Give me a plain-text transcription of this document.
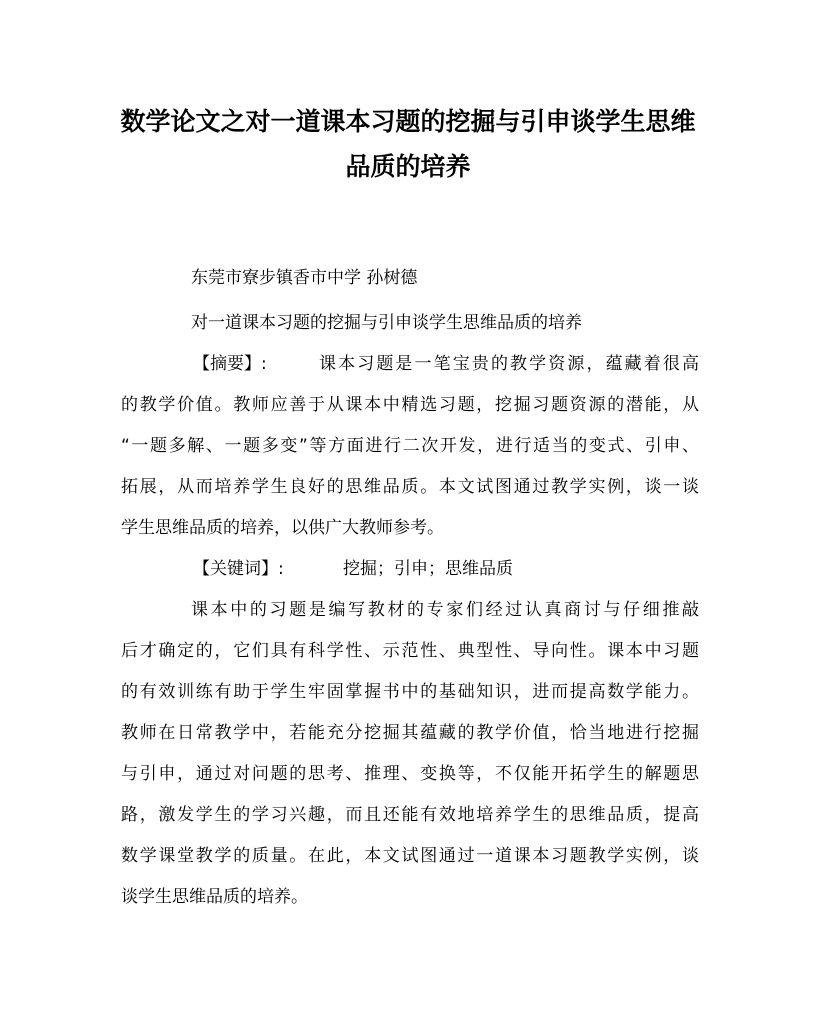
数学论文之对一道课本习题的挖掘与引申谈学生思维
品质的培养
东莞市寮步镇香市中学 孙树德
对一道课本习题的挖掘与引申谈学生思维品质的培养
【摘要】:	课本习题是一笔宝贵的教学资源，蕴藏着很高
的教学价值。教师应善于从课本中精选习题，挖掘习题资源的潜能，从
“一题多解、一题多变”等方面进行二次开发，进行适当的变式、引申、
拓展，从而培养学生良好的思维品质。本文试图通过教学实例，谈一谈
学生思维品质的培养，以供广大教师参考。
【关键词】:	挖掘；引申；思维品质
课本中的习题是编写教材的专家们经过认真商讨与仔细推敲
后才确定的，它们具有科学性、示范性、典型性、导向性。课本中习题
的有效训练有助于学生牢固掌握书中的基础知识，进而提高数学能力。
教师在日常教学中，若能充分挖掘其蕴藏的教学价值，恰当地进行挖掘
与引申，通过对问题的思考、推理、变换等，不仅能开拓学生的解题思
路，激发学生的学习兴趣，而且还能有效地培养学生的思维品质，提高
数学课堂教学的质量。在此，本文试图通过一道课本习题教学实例，谈
谈学生思维品质的培养。
